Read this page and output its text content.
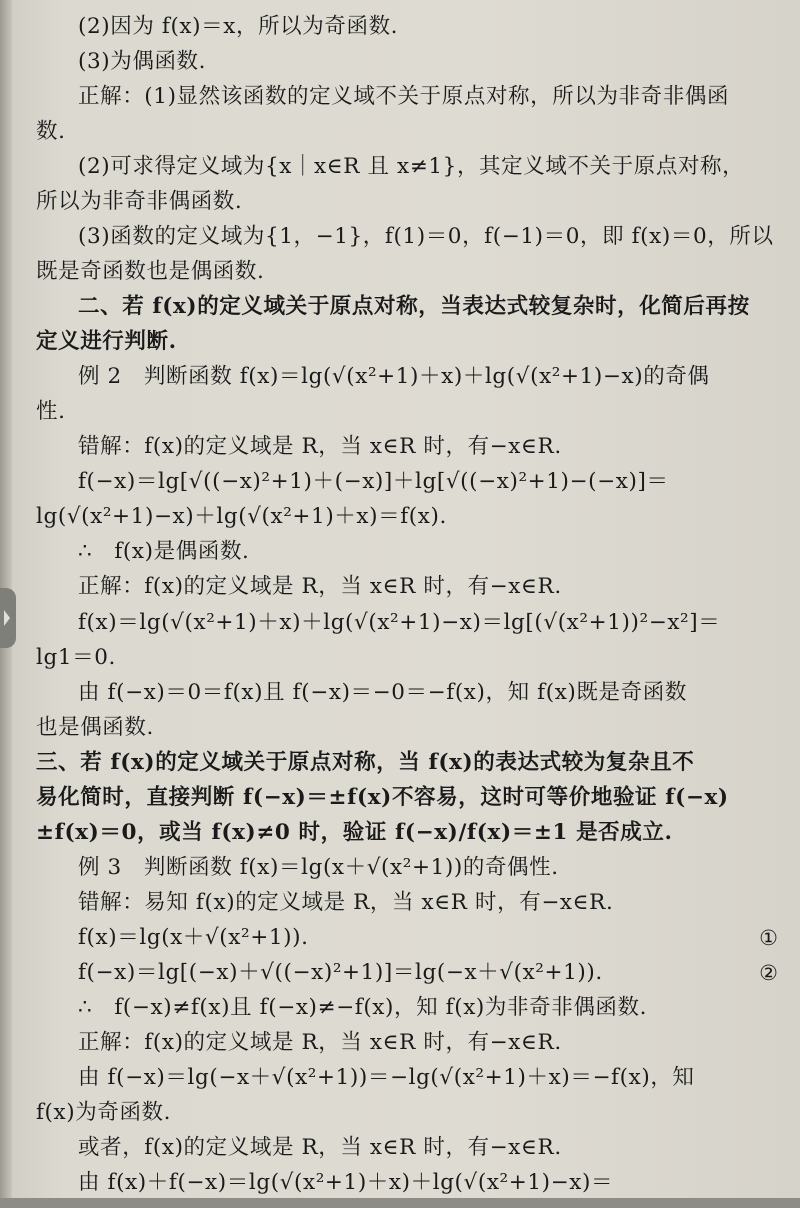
(2)因为 f(x)＝x，所以为奇函数.
(3)为偶函数.
正解：(1)显然该函数的定义域不关于原点对称，所以为非奇非偶函
数.
(2)可求得定义域为{x｜x∈R 且 x≠1}，其定义域不关于原点对称，
所以为非奇非偶函数.
(3)函数的定义域为{1，−1}，f(1)＝0，f(−1)＝0，即 f(x)＝0，所以
既是奇函数也是偶函数.
二、若 f(x)的定义域关于原点对称，当表达式较复杂时，化简后再按
定义进行判断.
例 2　判断函数 f(x)＝lg(√(x²+1)＋x)＋lg(√(x²+1)−x)的奇偶
性.
错解：f(x)的定义域是 R，当 x∈R 时，有−x∈R.
f(−x)＝lg[√((−x)²+1)＋(−x)]＋lg[√((−x)²+1)−(−x)]＝
lg(√(x²+1)−x)＋lg(√(x²+1)＋x)＝f(x).
∴　f(x)是偶函数.
正解：f(x)的定义域是 R，当 x∈R 时，有−x∈R.
f(x)＝lg(√(x²+1)＋x)＋lg(√(x²+1)−x)＝lg[(√(x²+1))²−x²]＝
lg1＝0.
由 f(−x)＝0＝f(x)且 f(−x)＝−0＝−f(x)，知 f(x)既是奇函数
也是偶函数.
三、若 f(x)的定义域关于原点对称，当 f(x)的表达式较为复杂且不
易化简时，直接判断 f(−x)＝±f(x)不容易，这时可等价地验证 f(−x)
±f(x)＝0，或当 f(x)≠0 时，验证 f(−x)/f(x)＝±1 是否成立.
例 3　判断函数 f(x)＝lg(x＋√(x²+1))的奇偶性.
错解：易知 f(x)的定义域是 R，当 x∈R 时，有−x∈R.
f(x)＝lg(x＋√(x²+1)).
f(−x)＝lg[(−x)＋√((−x)²+1)]＝lg(−x＋√(x²+1)).
∴　f(−x)≠f(x)且 f(−x)≠−f(x)，知 f(x)为非奇非偶函数.
正解：f(x)的定义域是 R，当 x∈R 时，有−x∈R.
由 f(−x)＝lg(−x＋√(x²+1))＝−lg(√(x²+1)＋x)＝−f(x)，知
f(x)为奇函数.
或者，f(x)的定义域是 R，当 x∈R 时，有−x∈R.
由 f(x)＋f(−x)＝lg(√(x²+1)＋x)＋lg(√(x²+1)−x)＝
①
②
